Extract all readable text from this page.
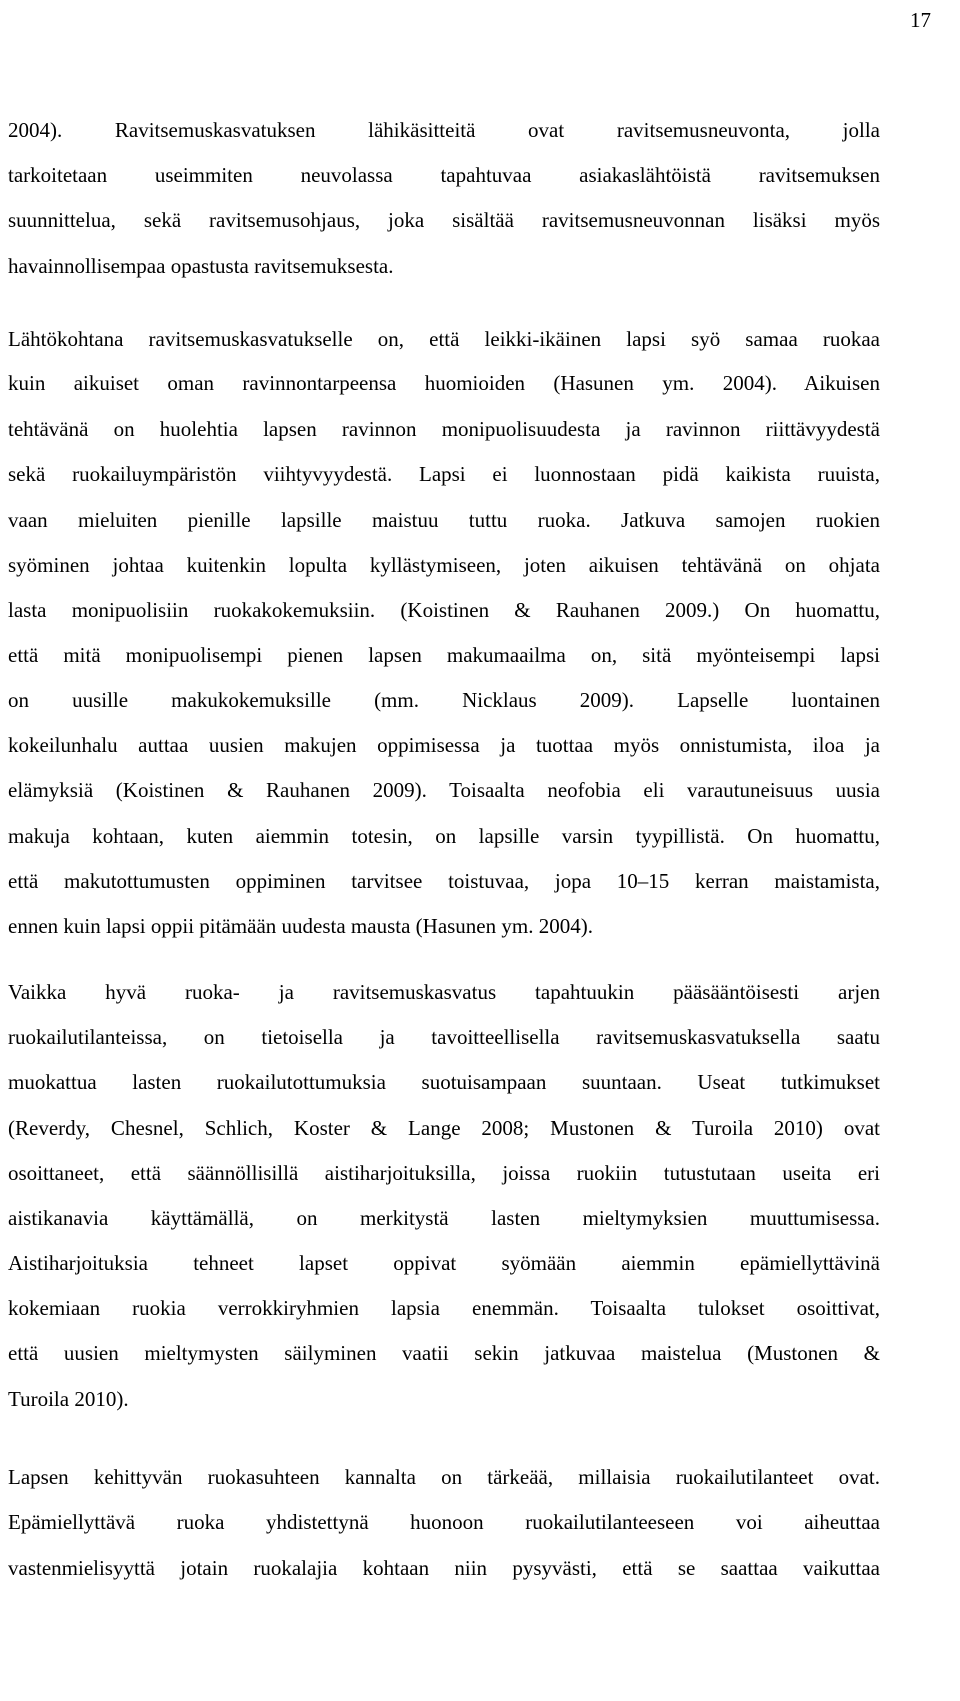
17
2004). Ravitsemuskasvatuksen lähikäsitteitä ovat ravitsemusneuvonta, jolla
tarkoitetaan useimmiten neuvolassa tapahtuvaa asiakaslähtöistä ravitsemuksen
suunnittelua, sekä ravitsemusohjaus, joka sisältää ravitsemusneuvonnan lisäksi myös
havainnollisempaa opastusta ravitsemuksesta.
Lähtökohtana ravitsemuskasvatukselle on, että leikki-ikäinen lapsi syö samaa ruokaa
kuin aikuiset oman ravinnontarpeensa huomioiden (Hasunen ym. 2004). Aikuisen
tehtävänä on huolehtia lapsen ravinnon monipuolisuudesta ja ravinnon riittävyydestä
sekä ruokailuympäristön viihtyvyydestä. Lapsi ei luonnostaan pidä kaikista ruuista,
vaan mieluiten pienille lapsille maistuu tuttu ruoka. Jatkuva samojen ruokien
syöminen johtaa kuitenkin lopulta kyllästymiseen, joten aikuisen tehtävänä on ohjata
lasta monipuolisiin ruokakokemuksiin. (Koistinen & Rauhanen 2009.) On huomattu,
että mitä monipuolisempi pienen lapsen makumaailma on, sitä myönteisempi lapsi
on uusille makukokemuksille (mm. Nicklaus 2009). Lapselle luontainen
kokeilunhalu auttaa uusien makujen oppimisessa ja tuottaa myös onnistumista, iloa ja
elämyksiä (Koistinen & Rauhanen 2009). Toisaalta neofobia eli varautuneisuus uusia
makuja kohtaan, kuten aiemmin totesin, on lapsille varsin tyypillistä. On huomattu,
että makutottumusten oppiminen tarvitsee toistuvaa, jopa 10–15 kerran maistamista,
ennen kuin lapsi oppii pitämään uudesta mausta (Hasunen ym. 2004).
Vaikka hyvä ruoka- ja ravitsemuskasvatus tapahtuukin pääsääntöisesti arjen
ruokailutilanteissa, on tietoisella ja tavoitteellisella ravitsemuskasvatuksella saatu
muokattua lasten ruokailutottumuksia suotuisampaan suuntaan. Useat tutkimukset
(Reverdy, Chesnel, Schlich, Koster & Lange 2008; Mustonen & Turoila 2010) ovat
osoittaneet, että säännöllisillä aistiharjoituksilla, joissa ruokiin tutustutaan useita eri
aistikanavia käyttämällä, on merkitystä lasten mieltymyksien muuttumisessa.
Aistiharjoituksia tehneet lapset oppivat syömään aiemmin epämiellyttävinä
kokemiaan ruokia verrokkiryhmien lapsia enemmän. Toisaalta tulokset osoittivat,
että uusien mieltymysten säilyminen vaatii sekin jatkuvaa maistelua (Mustonen &
Turoila 2010).
Lapsen kehittyvän ruokasuhteen kannalta on tärkeää, millaisia ruokailutilanteet ovat.
Epämiellyttävä ruoka yhdistettynä huonoon ruokailutilanteeseen voi aiheuttaa
vastenmielisyyttä jotain ruokalajia kohtaan niin pysyvästi, että se saattaa vaikuttaa
